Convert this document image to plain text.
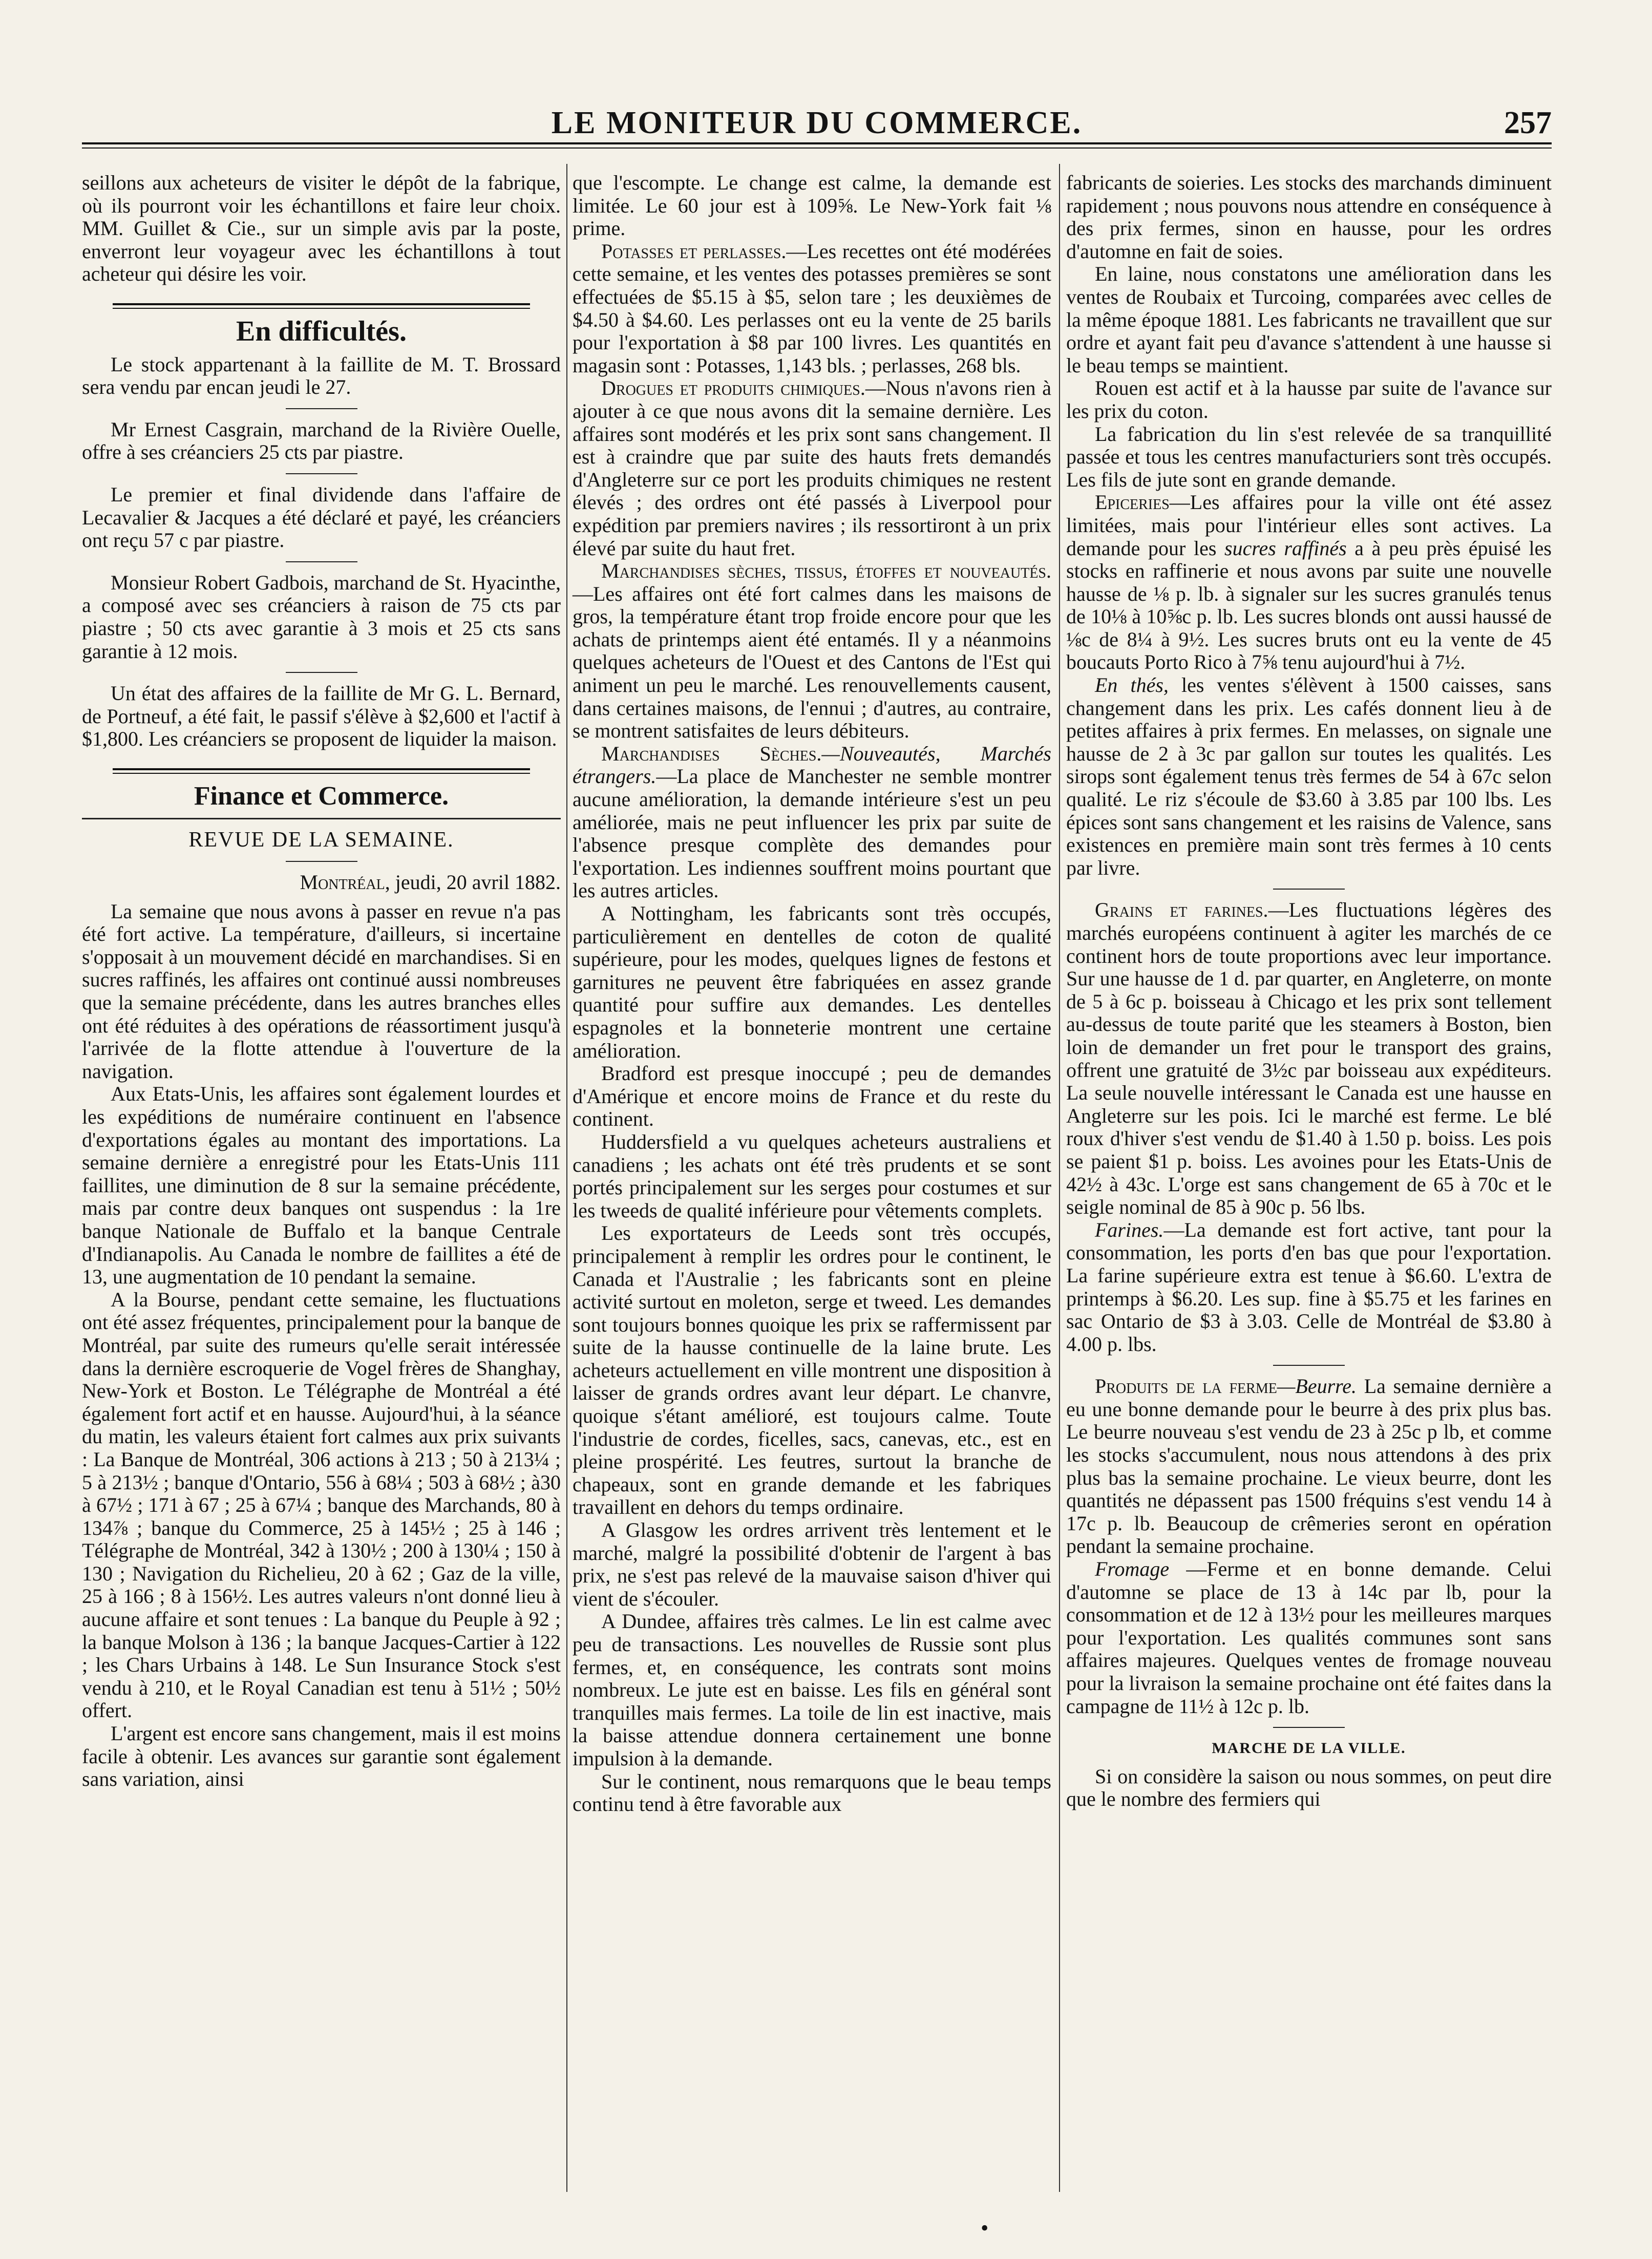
LE MONITEUR DU COMMERCE.	257

seillons aux acheteurs de visiter le dépôt de la fabrique, où ils pourront voir les échantillons et faire leur choix. MM. Guillet & Cie., sur un simple avis par la poste, enverront leur voyageur avec les échantillons à tout acheteur qui désire les voir.

En difficultés.

Le stock appartenant à la faillite de M. T. Brossard sera vendu par encan jeudi le 27.

Mr Ernest Casgrain, marchand de la Rivière Ouelle, offre à ses créanciers 25 cts par piastre.

Le premier et final dividende dans l'affaire de Lecavalier & Jacques a été déclaré et payé, les créanciers ont reçu 57 c par piastre.

Monsieur Robert Gadbois, marchand de St. Hyacinthe, a composé avec ses créanciers à raison de 75 cts par piastre ; 50 cts avec garantie à 3 mois et 25 cts sans garantie à 12 mois.

Un état des affaires de la faillite de Mr G. L. Bernard, de Portneuf, a été fait, le passif s'élève à $2,600 et l'actif à $1,800. Les créanciers se proposent de liquider la maison.

Finance et Commerce.
REVUE DE LA SEMAINE.
Montréal, jeudi, 20 avril 1882.

La semaine que nous avons à passer en revue n'a pas été fort active. La température, d'ailleurs, si incertaine s'opposait à un mouvement décidé en marchandises. Si en sucres raffinés, les affaires ont continué aussi nombreuses que la semaine précédente, dans les autres branches elles ont été réduites à des opérations de réassortiment jusqu'à l'arrivée de la flotte attendue à l'ouverture de la navigation.

Aux Etats-Unis, les affaires sont également lourdes et les expéditions de numéraire continuent en l'absence d'exportations égales au montant des importations. La semaine dernière a enregistré pour les Etats-Unis 111 faillites, une diminution de 8 sur la semaine précédente, mais par contre deux banques ont suspendus : la 1re banque Nationale de Buffalo et la banque Centrale d'Indianapolis. Au Canada le nombre de faillites a été de 13, une augmentation de 10 pendant la semaine.

A la Bourse, pendant cette semaine, les fluctuations ont été assez fréquentes, principalement pour la banque de Montréal, par suite des rumeurs qu'elle serait intéressée dans la dernière escroquerie de Vogel frères de Shanghay, New-York et Boston. Le Télégraphe de Montréal a été également fort actif et en hausse. Aujourd'hui, à la séance du matin, les valeurs étaient fort calmes aux prix suivants : La Banque de Montréal, 306 actions à 213 ; 50 à 213¼ ; 5 à 213½ ; banque d'Ontario, 556 à 68¼ ; 503 à 68½ ; à30 à 67½ ; 171 à 67 ; 25 à 67¼ ; banque des Marchands, 80 à 134⅞ ; banque du Commerce, 25 à 145½ ; 25 à 146 ; Télégraphe de Montréal, 342 à 130½ ; 200 à 130¼ ; 150 à 130 ; Navigation du Richelieu, 20 à 62 ; Gaz de la ville, 25 à 166 ; 8 à 156½. Les autres valeurs n'ont donné lieu à aucune affaire et sont tenues : La banque du Peuple à 92 ; la banque Molson à 136 ; la banque Jacques-Cartier à 122 ; les Chars Urbains à 148. Le Sun Insurance Stock s'est vendu à 210, et le Royal Canadian est tenu à 51½ ; 50½ offert.

L'argent est encore sans changement, mais il est moins facile à obtenir. Les avances sur garantie sont également sans variation, ainsi

que l'escompte. Le change est calme, la demande est limitée. Le 60 jour est à 109⅝. Le New-York fait ⅛ prime.

Potasses et perlasses.—Les recettes ont été modérées cette semaine, et les ventes des potasses premières se sont effectuées de $5.15 à $5, selon tare ; les deuxièmes de $4.50 à $4.60. Les perlasses ont eu la vente de 25 barils pour l'exportation à $8 par 100 livres. Les quantités en magasin sont : Potasses, 1,143 bls. ; perlasses, 268 bls.

Drogues et produits chimiques.—Nous n'avons rien à ajouter à ce que nous avons dit la semaine dernière. Les affaires sont modérés et les prix sont sans changement. Il est à craindre que par suite des hauts frets demandés d'Angleterre sur ce port les produits chimiques ne restent élevés ; des ordres ont été passés à Liverpool pour expédition par premiers navires ; ils ressortiront à un prix élevé par suite du haut fret.

Marchandises sèches, tissus, étoffes et nouveautés.—Les affaires ont été fort calmes dans les maisons de gros, la température étant trop froide encore pour que les achats de printemps aient été entamés. Il y a néanmoins quelques acheteurs de l'Ouest et des Cantons de l'Est qui animent un peu le marché. Les renouvellements causent, dans certaines maisons, de l'ennui ; d'autres, au contraire, se montrent satisfaites de leurs débiteurs.

Marchandises Sèches.—Nouveautés, Marchés étrangers.—La place de Manchester ne semble montrer aucune amélioration, la demande intérieure s'est un peu améliorée, mais ne peut influencer les prix par suite de l'absence presque complète des demandes pour l'exportation. Les indiennes souffrent moins pourtant que les autres articles.

A Nottingham, les fabricants sont très occupés, particulièrement en dentelles de coton de qualité supérieure, pour les modes, quelques lignes de festons et garnitures ne peuvent être fabriquées en assez grande quantité pour suffire aux demandes. Les dentelles espagnoles et la bonneterie montrent une certaine amélioration.

Bradford est presque inoccupé ; peu de demandes d'Amérique et encore moins de France et du reste du continent.

Huddersfield a vu quelques acheteurs australiens et canadiens ; les achats ont été très prudents et se sont portés principalement sur les serges pour costumes et sur les tweeds de qualité inférieure pour vêtements complets.

Les exportateurs de Leeds sont très occupés, principalement à remplir les ordres pour le continent, le Canada et l'Australie ; les fabricants sont en pleine activité surtout en moleton, serge et tweed. Les demandes sont toujours bonnes quoique les prix se raffermissent par suite de la hausse continuelle de la laine brute. Les acheteurs actuellement en ville montrent une disposition à laisser de grands ordres avant leur départ. Le chanvre, quoique s'étant amélioré, est toujours calme. Toute l'industrie de cordes, ficelles, sacs, canevas, etc., est en pleine prospérité. Les feutres, surtout la branche de chapeaux, sont en grande demande et les fabriques travaillent en dehors du temps ordinaire.

A Glasgow les ordres arrivent très lentement et le marché, malgré la possibilité d'obtenir de l'argent à bas prix, ne s'est pas relevé de la mauvaise saison d'hiver qui vient de s'écouler.

A Dundee, affaires très calmes. Le lin est calme avec peu de transactions. Les nouvelles de Russie sont plus fermes, et, en conséquence, les contrats sont moins nombreux. Le jute est en baisse. Les fils en général sont tranquilles mais fermes. La toile de lin est inactive, mais la baisse attendue donnera certainement une bonne impulsion à la demande.

Sur le continent, nous remarquons que le beau temps continu tend à être favorable aux

fabricants de soieries. Les stocks des marchands diminuent rapidement ; nous pouvons nous attendre en conséquence à des prix fermes, sinon en hausse, pour les ordres d'automne en fait de soies.

En laine, nous constatons une amélioration dans les ventes de Roubaix et Turcoing, comparées avec celles de la même époque 1881. Les fabricants ne travaillent que sur ordre et ayant fait peu d'avance s'attendent à une hausse si le beau temps se maintient.

Rouen est actif et à la hausse par suite de l'avance sur les prix du coton.

La fabrication du lin s'est relevée de sa tranquillité passée et tous les centres manufacturiers sont très occupés. Les fils de jute sont en grande demande.

Epiceries—Les affaires pour la ville ont été assez limitées, mais pour l'intérieur elles sont actives. La demande pour les sucres raffinés a à peu près épuisé les stocks en raffinerie et nous avons par suite une nouvelle hausse de ⅛ p. lb. à signaler sur les sucres granulés tenus de 10⅛ à 10⅝c p. lb. Les sucres blonds ont aussi haussé de ⅛c de 8¼ à 9½. Les sucres bruts ont eu la vente de 45 boucauts Porto Rico à 7⅝ tenu aujourd'hui à 7½.

En thés, les ventes s'élèvent à 1500 caisses, sans changement dans les prix. Les cafés donnent lieu à de petites affaires à prix fermes. En melasses, on signale une hausse de 2 à 3c par gallon sur toutes les qualités. Les sirops sont également tenus très fermes de 54 à 67c selon qualité. Le riz s'écoule de $3.60 à 3.85 par 100 lbs. Les épices sont sans changement et les raisins de Valence, sans existences en première main sont très fermes à 10 cents par livre.

Grains et farines.—Les fluctuations légères des marchés européens continuent à agiter les marchés de ce continent hors de toute proportions avec leur importance. Sur une hausse de 1 d. par quarter, en Angleterre, on monte de 5 à 6c p. boisseau à Chicago et les prix sont tellement au-dessus de toute parité que les steamers à Boston, bien loin de demander un fret pour le transport des grains, offrent une gratuité de 3½c par boisseau aux expéditeurs. La seule nouvelle intéressant le Canada est une hausse en Angleterre sur les pois. Ici le marché est ferme. Le blé roux d'hiver s'est vendu de $1.40 à 1.50 p. boiss. Les pois se paient $1 p. boiss. Les avoines pour les Etats-Unis de 42½ à 43c. L'orge est sans changement de 65 à 70c et le seigle nominal de 85 à 90c p. 56 lbs.

Farines.—La demande est fort active, tant pour la consommation, les ports d'en bas que pour l'exportation. La farine supérieure extra est tenue à $6.60. L'extra de printemps à $6.20. Les sup. fine à $5.75 et les farines en sac Ontario de $3 à 3.03. Celle de Montréal de $3.80 à 4.00 p. lbs.

Produits de la ferme—Beurre. La semaine dernière a eu une bonne demande pour le beurre à des prix plus bas. Le beurre nouveau s'est vendu de 23 à 25c p lb, et comme les stocks s'accumulent, nous nous attendons à des prix plus bas la semaine prochaine. Le vieux beurre, dont les quantités ne dépassent pas 1500 fréquins s'est vendu 14 à 17c p. lb. Beaucoup de crêmeries seront en opération pendant la semaine prochaine.

Fromage —Ferme et en bonne demande. Celui d'automne se place de 13 à 14c par lb, pour la consommation et de 12 à 13½ pour les meilleures marques pour l'exportation. Les qualités communes sont sans affaires majeures. Quelques ventes de fromage nouveau pour la livraison la semaine prochaine ont été faites dans la campagne de 11½ à 12c p. lb.

MARCHE DE LA VILLE.

Si on considère la saison ou nous sommes, on peut dire que le nombre des fermiers qui

•
